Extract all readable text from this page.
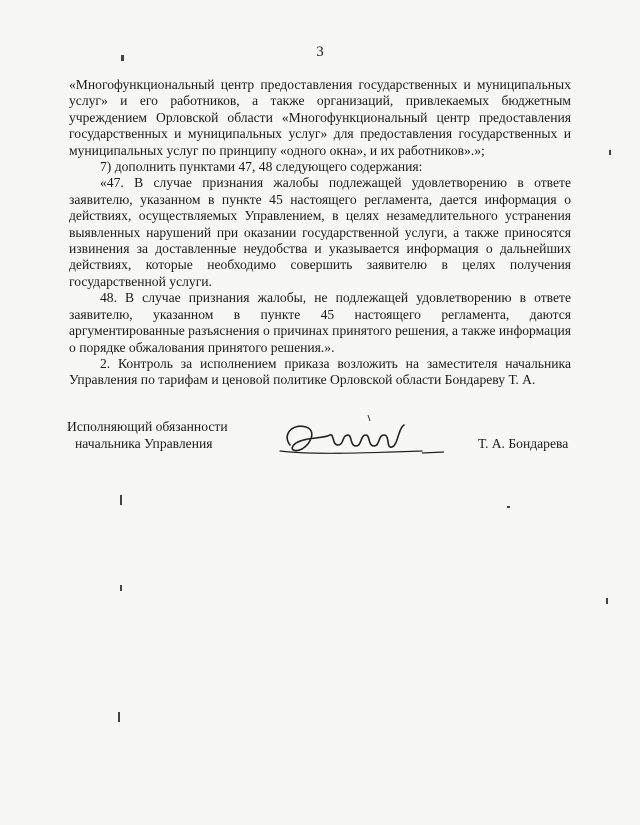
3

«Многофункциональный центр предоставления государственных и муниципальных услуг» и его работников, а также организаций, привлекаемых бюджетным учреждением Орловской области «Многофункциональный центр предоставления государственных и муниципальных услуг» для предоставления государственных и муниципальных услуг по принципу «одного окна», и их работников».»;

7) дополнить пунктами 47, 48 следующего содержания:

«47. В случае признания жалобы подлежащей удовлетворению в ответе заявителю, указанном в пункте 45 настоящего регламента, дается информация о действиях, осуществляемых Управлением, в целях незамедлительного устранения выявленных нарушений при оказании государственной услуги, а также приносятся извинения за доставленные неудобства и указывается информация о дальнейших действиях, которые необходимо совершить заявителю в целях получения государственной услуги.

48. В случае признания жалобы, не подлежащей удовлетворению в ответе заявителю, указанном в пункте 45 настоящего регламента, даются аргументированные разъяснения о причинах принятого решения, а также информация о порядке обжалования принятого решения.».

2. Контроль за исполнением приказа возложить на заместителя начальника Управления по тарифам и ценовой политике Орловской области Бондареву Т. А.

Исполняющий обязанности
начальника Управления	Т. А. Бондарева
